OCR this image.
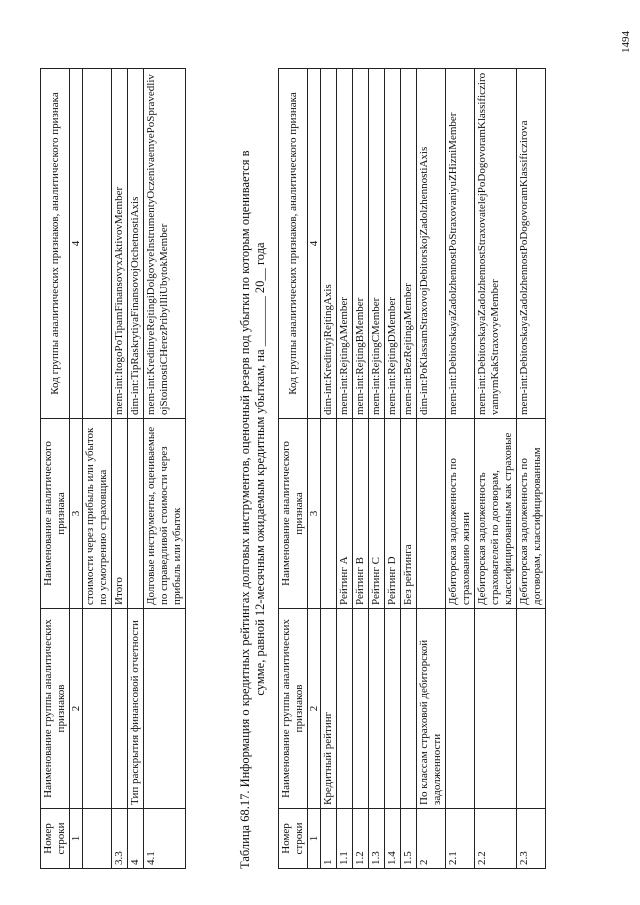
Номер строки	Наименование группы аналитических признаков	Наименование аналитического признака	Код группы аналитических признаков, аналитического признака
1	2	3	4
		стоимости через прибыль или убыток по усмотрению страховщика	
3.3		Итого	mem-int:ItogoPoTipamFinansovyxAktivovMember
4	Тип раскрытия финансовой отчетности		dim-int:TipRaskrytiyaFinansovojOtchetnostiAxis
4.1		Долговые инструменты, оцениваемые по справедливой стоимости через прибыль или убыток	mem-int:KreditnyeRejtingiDolgovyeInstrumentyOczenivaemyePoSpravedlivojStoimostiCHerezPribylIliUbytokMember	Таблица 68.17. Информация о кредитных рейтингах долговых инструментов, оценочный резерв под убытки по которым оценивается в сумме, равной 12-месячным ожидаемым кредитным убыткам, на ________ 20__ года
Номер строки	Наименование группы аналитических признаков	Наименование аналитического признака	Код группы аналитических признаков, аналитического признака
1	2	3	4
1	Кредитный рейтинг		dim-int:KreditnyjRejtingAxis
1.1		Рейтинг A	mem-int:RejtingAMember
1.2		Рейтинг B	mem-int:RejtingBMember
1.3		Рейтинг C	mem-int:RejtingCMember
1.4		Рейтинг D	mem-int:RejtingDMember
1.5		Без рейтинга	mem-int:BezRejtingaMember
2	По классам страховой дебиторской задолженности		dim-int:PoKlassamStraxovojDebitorskojZadolzhennostiAxis
2.1		Дебиторская задолженность по страхованию жизни	mem-int:DebitorskayaZadolzhennostPoStraxovaniyuZHizniMember
2.2		Дебиторская задолженность страхователей по договорам, классифицированным как страховые	mem-int:DebitorskayaZadolzhennostStraxovatelejPoDogovoramKlassificzirovannymKakStraxovyeMember
2.3		Дебиторская задолженность по договорам, классифицированным	mem-int:DebitorskayaZadolzhennostPoDogovoramKlassificzirova
1494
